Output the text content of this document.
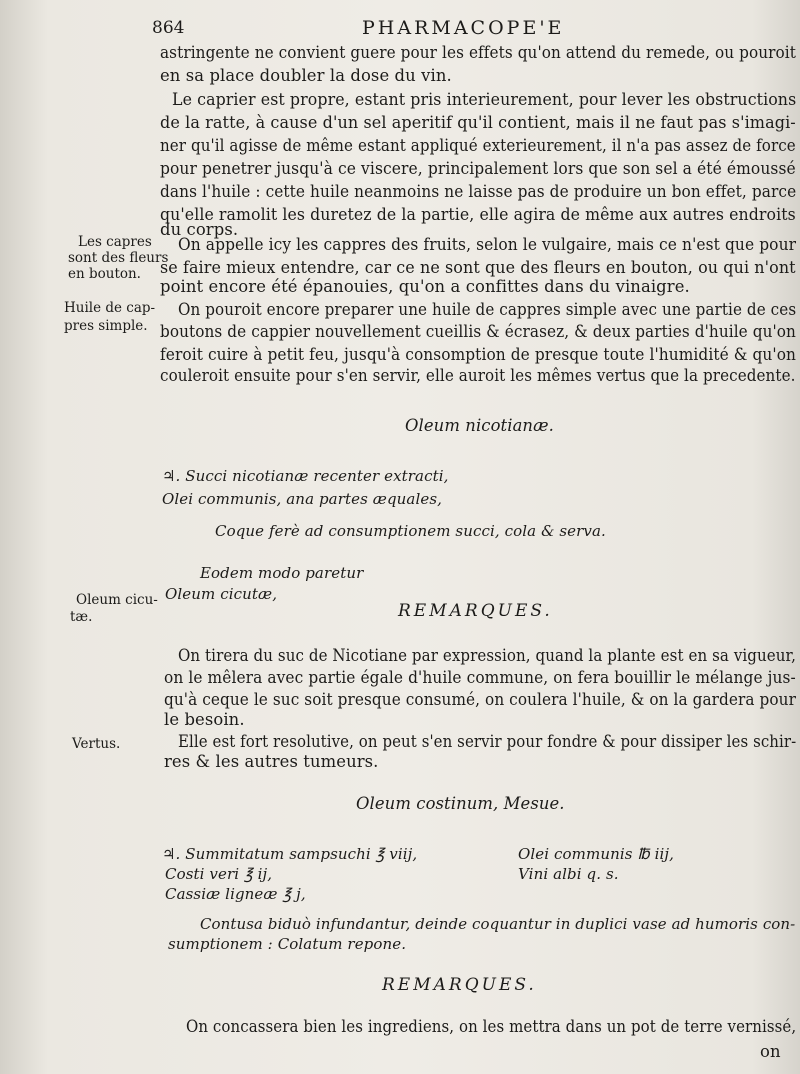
864	PHARMACOPE'E
astringente ne convient guere pour les effets qu'on attend du remede, ou pouroit
en sa place doubler la dose du vin.
Le caprier est propre, estant pris interieurement, pour lever les obstructions
de la ratte, à cause d'un sel aperitif qu'il contient, mais il ne faut pas s'imagi-
ner qu'il agisse de même estant appliqué exterieurement, il n'a pas assez de force
pour penetrer jusqu'à ce viscere, principalement lors que son sel a été émoussé
dans l'huile : cette huile neanmoins ne laisse pas de produire un bon effet, parce
qu'elle ramolit les duretez de la partie, elle agira de même aux autres endroits
du corps.
Les capres
sont des fleurs
en bouton.
On appelle icy les cappres des fruits, selon le vulgaire, mais ce n'est que pour
se faire mieux entendre, car ce ne sont que des fleurs en bouton, ou qui n'ont
point encore été épanouies, qu'on a confittes dans du vinaigre.
Huile de cap-
pres simple.
On pouroit encore preparer une huile de cappres simple avec une partie de ces
boutons de cappier nouvellement cueillis & écrasez, & deux parties d'huile qu'on
feroit cuire à petit feu, jusqu'à consomption de presque toute l'humidité & qu'on
couleroit ensuite pour s'en servir, elle auroit les mêmes vertus que la precedente.
Oleum nicotianæ.
♃. Succi nicotianæ recenter extracti,
Olei communis, ana partes æquales,
Coque ferè ad consumptionem succi, cola & serva.
Eodem modo paretur
Oleum cicutæ,
Oleum cicu-
tæ.	REMARQUES.
On tirera du suc de Nicotiane par expression, quand la plante est en sa vigueur,
on le mêlera avec partie égale d'huile commune, on fera bouillir le mélange jus-
qu'à ceque le suc soit presque consumé, on coulera l'huile, & on la gardera pour
le besoin.
Vertus.	Elle est fort resolutive, on peut s'en servir pour fondre & pour dissiper les schir-
res & les autres tumeurs.
Oleum costinum, Mesue.
♃. Summitatum sampsuchi ℥ viij,
Costi veri ℥ ij,
Cassiæ ligneæ ℥ j,
Olei communis ℔ iij,
Vini albi q. s.
Contusa biduò infundantur, deinde coquantur in duplici vase ad humoris con-
sumptionem : Colatum repone.
REMARQUES.
On concassera bien les ingrediens, on les mettra dans un pot de terre vernissé,
on
